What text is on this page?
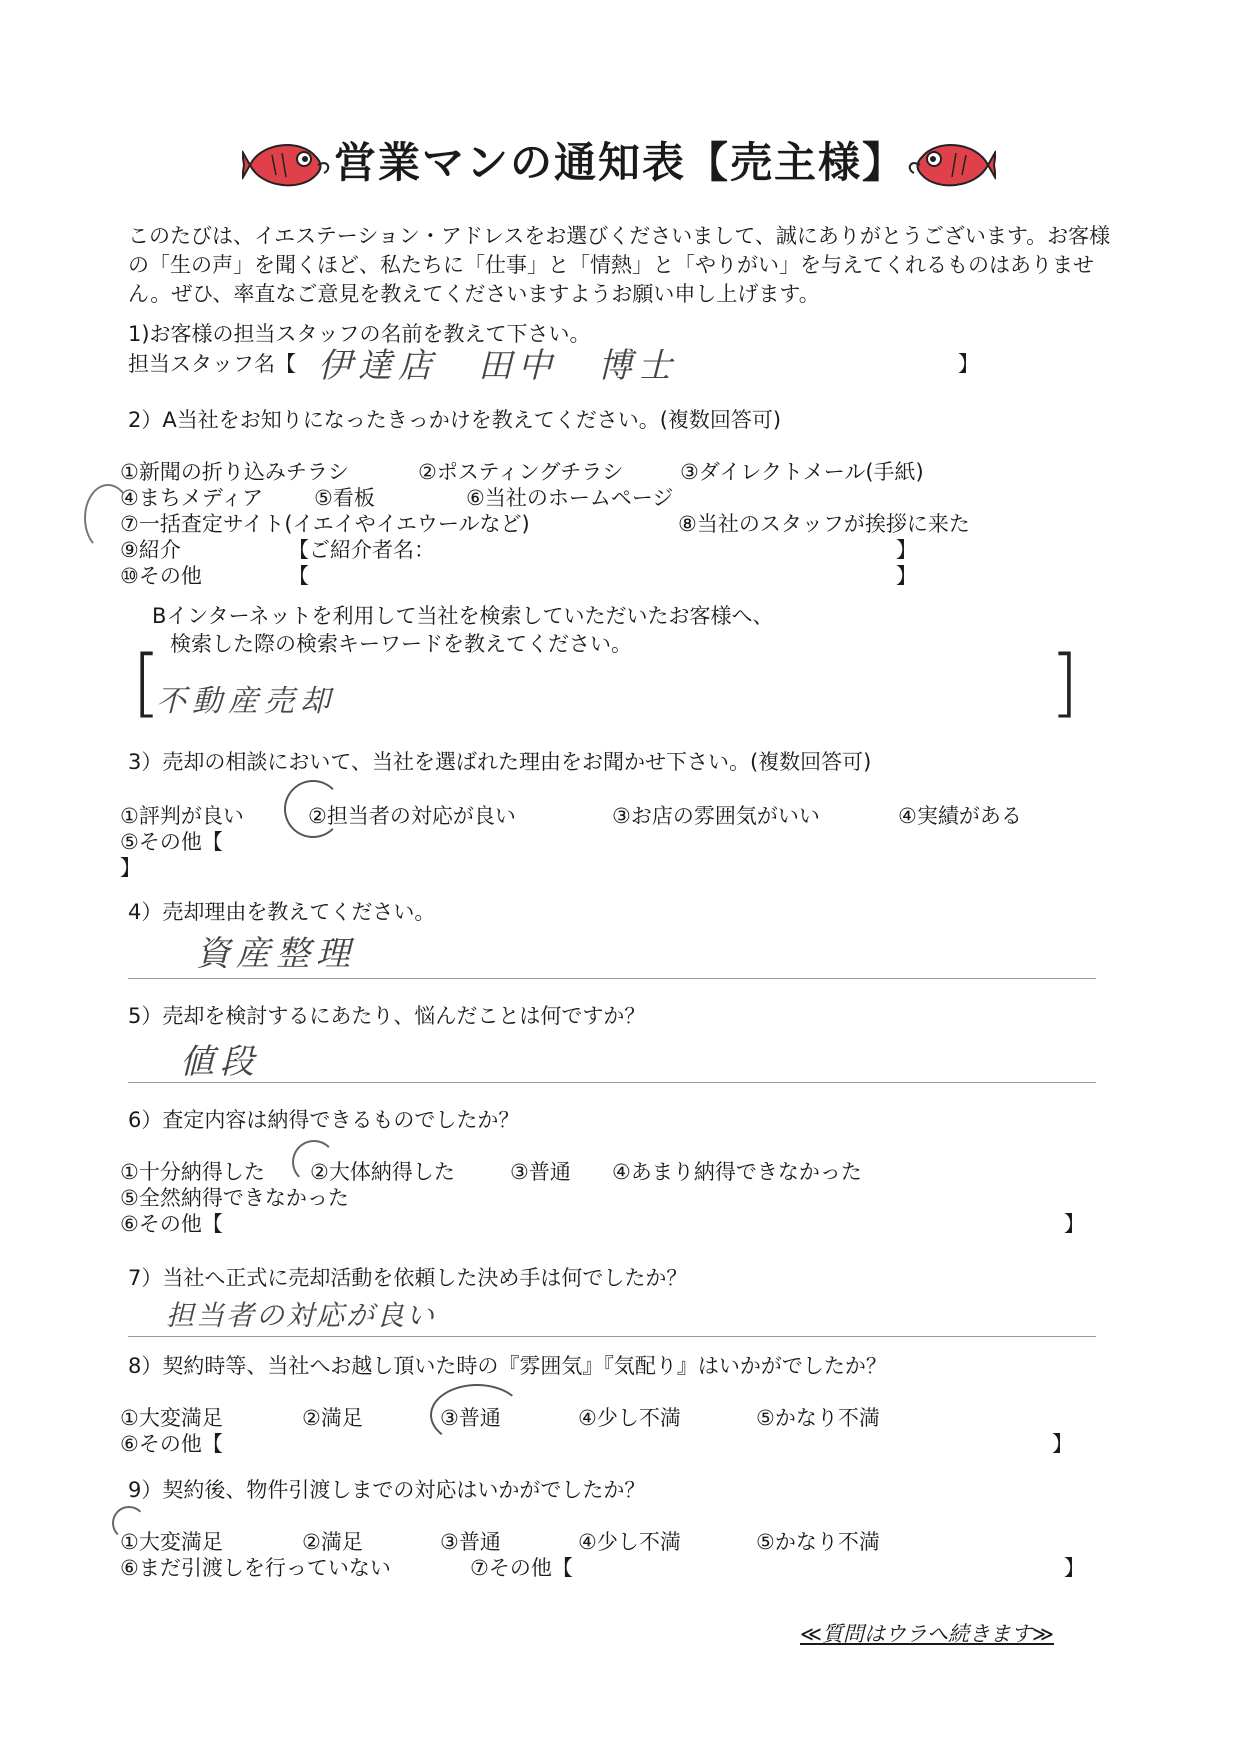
営業マンの通知表【売主様】
このたびは、イエステーション・アドレスをお選びくださいまして、誠にありがとうございます。お客様の「生の声」を聞くほど、私たちに「仕事」と「情熱」と「やりがい」を与えてくれるものはありません。ぜひ、率直なご意見を教えてくださいますようお願い申し上げます。
1)お客様の担当スタッフの名前を教えて下さい。
担当スタッフ名【 伊達店　田中　博士	】
2）A当社をお知りになったきっかけを教えてください。(複数回答可)
①新聞の折り込みチラシ	②ポスティングチラシ	③ダイレクトメール(手紙)
④まちメディア ⑤看板	⑥当社のホームページ
⑦一括査定サイト(イエイやイエウールなど)	⑧当社のスタッフが挨拶に来た
⑨紹介	【ご紹介者名：	】
⑩その他	【	】
Bインターネットを利用して当社を検索していただいたお客様へ、
検索した際の検索キーワードを教えてください。
[
不動産売却	]
3）売却の相談において、当社を選ばれた理由をお聞かせ下さい。(複数回答可)
①評判が良い	②担当者の対応が良い	③お店の雰囲気がいい	④実績がある
⑤その他【
】
4）売却理由を教えてください。
資産整理
5）売却を検討するにあたり、悩んだことは何ですか？
値段
6）査定内容は納得できるものでしたか？
①十分納得した ②大体納得した	③普通 ④あまり納得できなかった
⑤全然納得できなかった
⑥その他【	】
7）当社へ正式に売却活動を依頼した決め手は何でしたか？
担当者の対応が良い
8）契約時等、当社へお越し頂いた時の『雰囲気』『気配り』はいかがでしたか？
①大変満足	②満足	③普通	④少し不満	⑤かなり不満
⑥その他【	】
9）契約後、物件引渡しまでの対応はいかがでしたか？
①大変満足	②満足	③普通	④少し不満	⑤かなり不満
⑥まだ引渡しを行っていない	⑦その他【	】
≪質問はウラへ続きます≫
